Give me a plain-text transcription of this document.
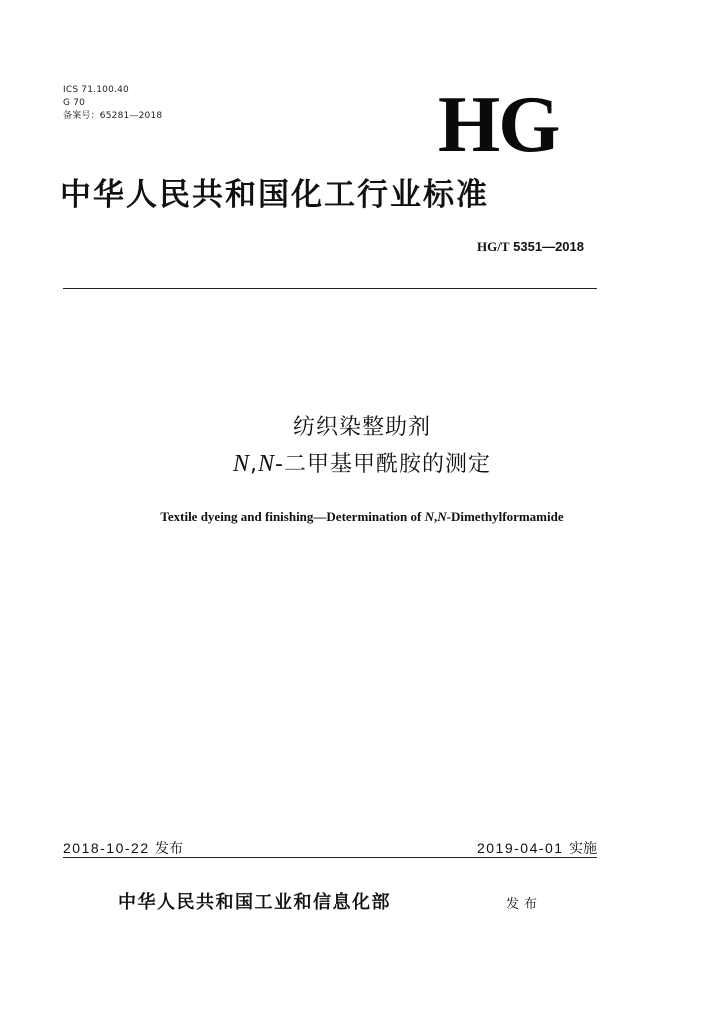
ICS 71.100.40
G 70
备案号：65281—2018	HG
中华人民共和国化工行业标准
HG/T 5351—2018
纺织染整助剂
N,N-二甲基甲酰胺的测定
Textile dyeing and finishing—Determination of N,N-Dimethylformamide
2018-10-22 发布	2019-04-01 实施
中华人民共和国工业和信息化部	发布
